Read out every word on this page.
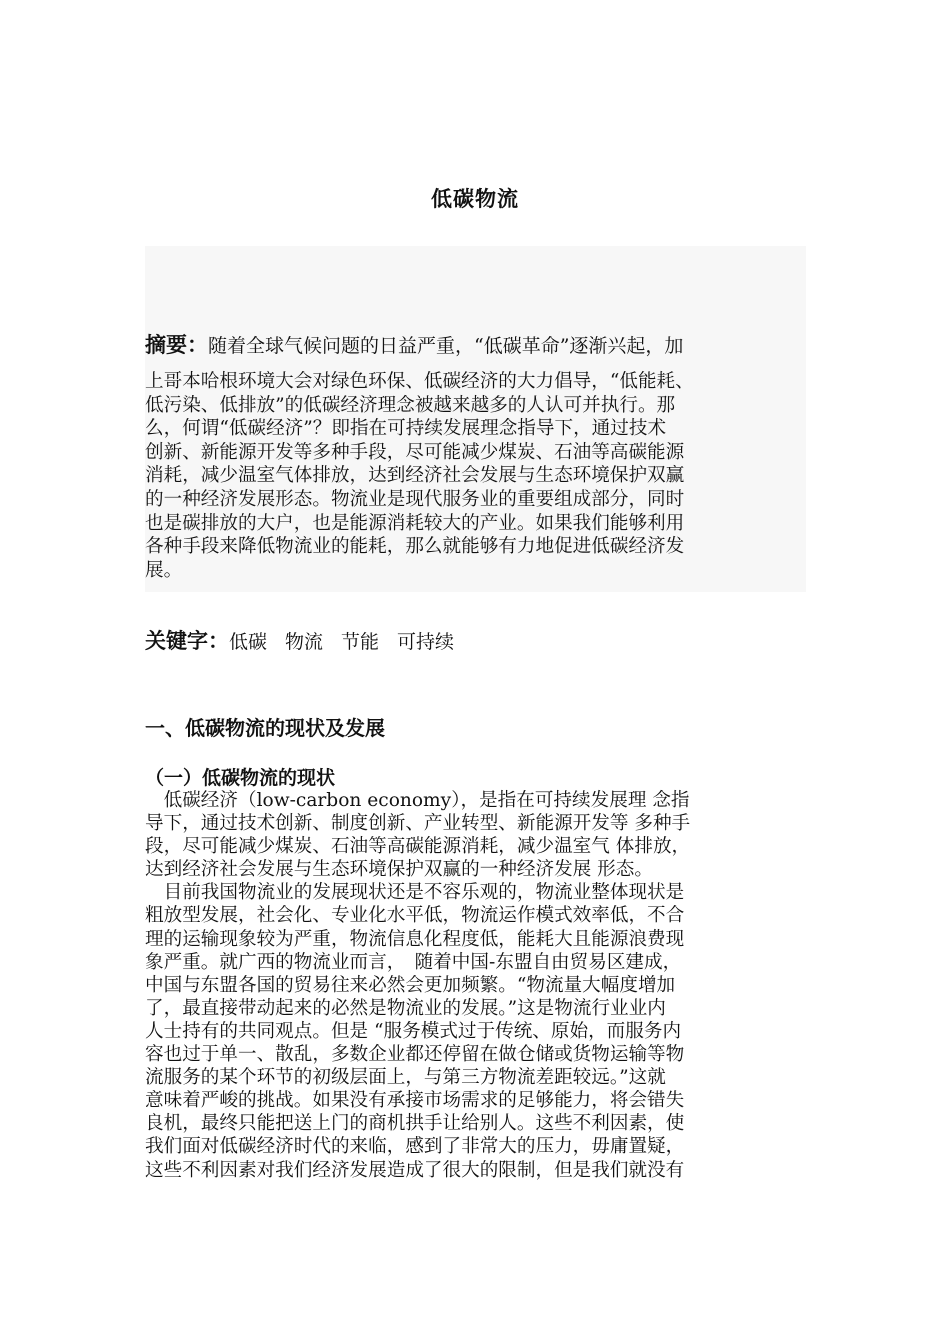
低碳物流
摘要：随着全球气候问题的日益严重，“低碳革命”逐渐兴起，加
上哥本哈根环境大会对绿色环保、低碳经济的大力倡导，“低能耗、
低污染、低排放”的低碳经济理念被越来越多的人认可并执行。那
么，何谓“低碳经济”？即指在可持续发展理念指导下，通过技术
创新、新能源开发等多种手段，尽可能减少煤炭、石油等高碳能源
消耗，减少温室气体排放，达到经济社会发展与生态环境保护双赢
的一种经济发展形态。物流业是现代服务业的重要组成部分，同时
也是碳排放的大户，也是能源消耗较大的产业。如果我们能够利用
各种手段来降低物流业的能耗，那么就能够有力地促进低碳经济发
展。
关键字：低碳 物流 节能 可持续
一、低碳物流的现状及发展
（一）低碳物流的现状
　低碳经济（low-carbon economy），是指在可持续发展理 念指
导下，通过技术创新、制度创新、产业转型、新能源开发等 多种手
段，尽可能减少煤炭、石油等高碳能源消耗，减少温室气 体排放，
达到经济社会发展与生态环境保护双赢的一种经济发展 形态。
　目前我国物流业的发展现状还是不容乐观的，物流业整体现状是
粗放型发展，社会化、专业化水平低，物流运作模式效率低，不合
理的运输现象较为严重，物流信息化程度低，能耗大且能源浪费现
象严重。就广西的物流业而言，　随着中国-东盟自由贸易区建成，
中国与东盟各国的贸易往来必然会更加频繁。“物流量大幅度增加
了，最直接带动起来的必然是物流业的发展。”这是物流行业业内
人士持有的共同观点。但是 “服务模式过于传统、原始，而服务内
容也过于单一、散乱，多数企业都还停留在做仓储或货物运输等物
流服务的某个环节的初级层面上，与第三方物流差距较远。”这就
意味着严峻的挑战。如果没有承接市场需求的足够能力，将会错失
良机，最终只能把送上门的商机拱手让给别人。这些不利因素，使
我们面对低碳经济时代的来临，感到了非常大的压力，毋庸置疑，
这些不利因素对我们经济发展造成了很大的限制，但是我们就没有
